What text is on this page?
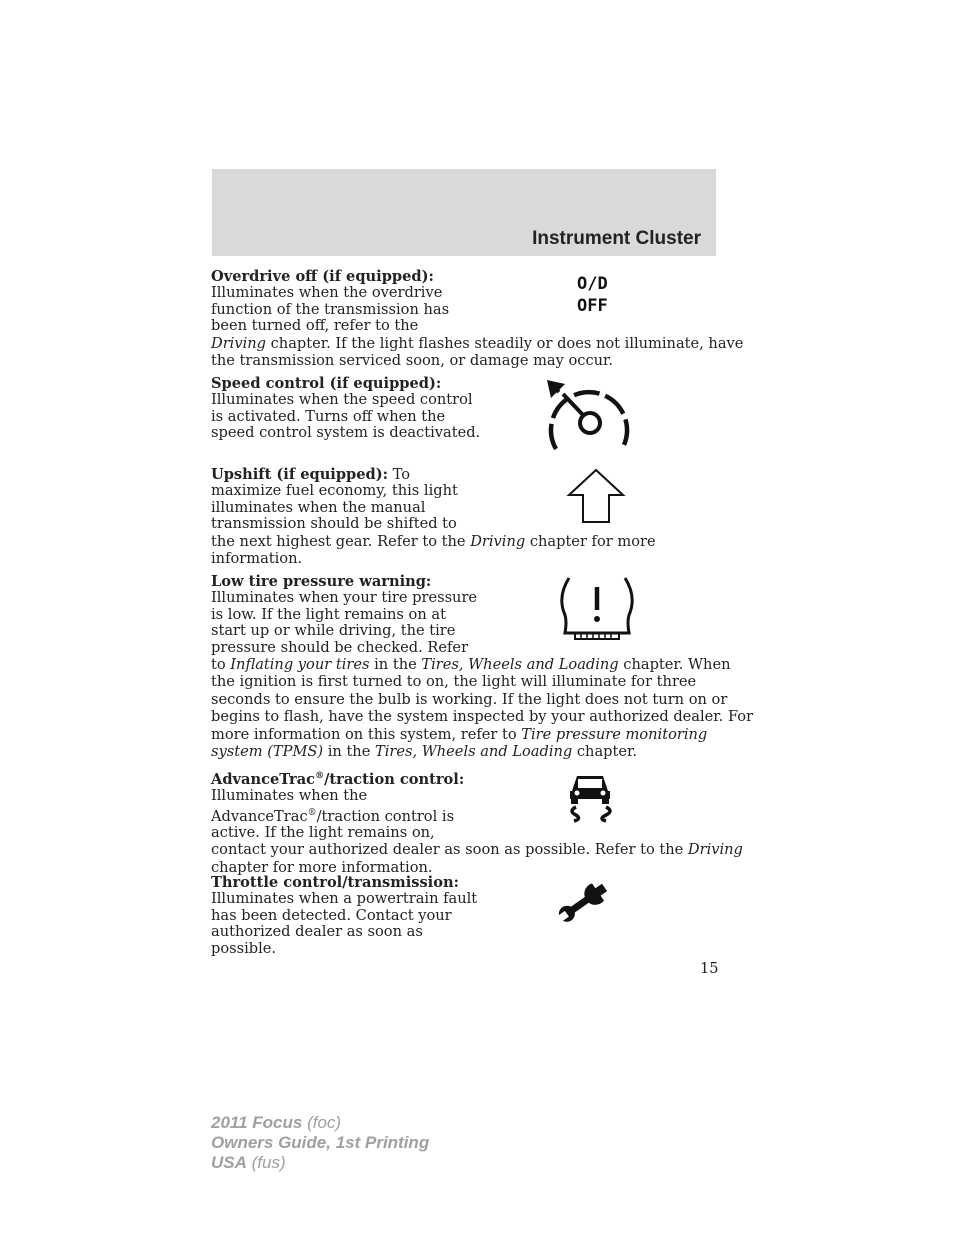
Instrument Cluster
Overdrive off (if equipped):
Illuminates when the overdrive
function of the transmission has
been turned off, refer to the
Driving chapter. If the light flashes steadily or does not illuminate, have
the transmission serviced soon, or damage may occur.
O/D
OFF
Speed control (if equipped):
Illuminates when the speed control
is activated. Turns off when the
speed control system is deactivated.
Upshift (if equipped): To
maximize fuel economy, this light
illuminates when the manual
transmission should be shifted to
the next highest gear. Refer to the Driving chapter for more
information.
Low tire pressure warning:
Illuminates when your tire pressure
is low. If the light remains on at
start up or while driving, the tire
pressure should be checked. Refer
to Inflating your tires in the Tires, Wheels and Loading chapter. When
the ignition is first turned to on, the light will illuminate for three
seconds to ensure the bulb is working. If the light does not turn on or
begins to flash, have the system inspected by your authorized dealer. For
more information on this system, refer to Tire pressure monitoring
system (TPMS) in the Tires, Wheels and Loading chapter.
AdvanceTrac®/traction control:
Illuminates when the
AdvanceTrac®/traction control is
active. If the light remains on,
contact your authorized dealer as soon as possible. Refer to the Driving
chapter for more information.
Throttle control/transmission:
Illuminates when a powertrain fault
has been detected. Contact your
authorized dealer as soon as
possible.
15
2011 Focus (foc)
Owners Guide, 1st Printing
USA (fus)
